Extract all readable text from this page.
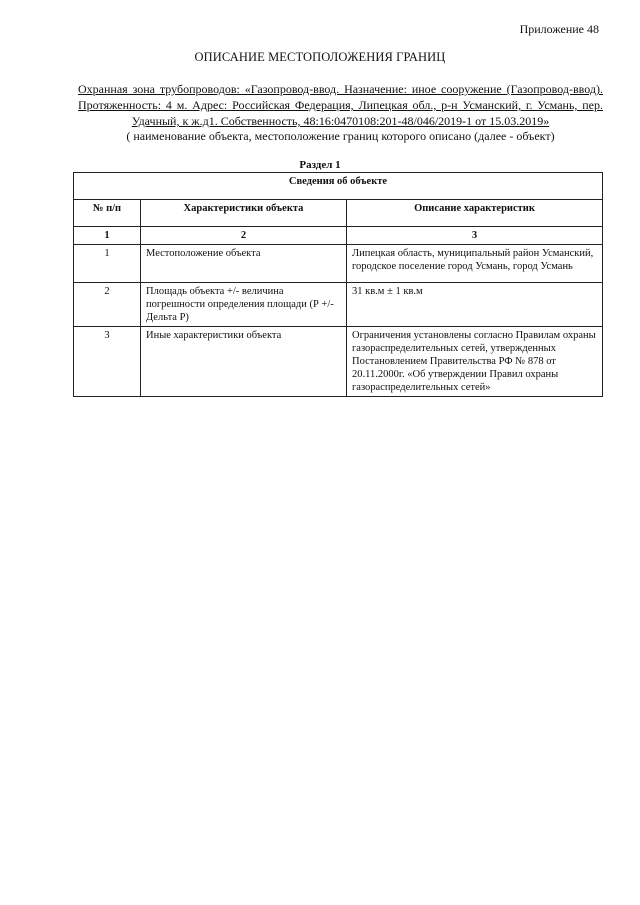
Приложение 48
ОПИСАНИЕ МЕСТОПОЛОЖЕНИЯ ГРАНИЦ
Охранная зона трубопроводов: «Газопровод-ввод. Назначение: иное сооружение (Газопровод-ввод). Протяженность: 4 м. Адрес: Российская Федерация, Липецкая обл., р-н Усманский, г. Усмань, пер. Удачный, к ж.д1. Собственность, 48:16:0470108:201-48/046/2019-1 от 15.03.2019»
( наименование объекта, местоположение границ которого описано (далее - объект)
Раздел 1
Сведения об объекте		
№ п/п	Характеристики объекта	Описание характеристик
1	2	3
1	Местоположение объекта	Липецкая область, муниципальный район Усманский, городское поселение город Усмань, город Усмань
2	Площадь объекта +/- величина погрешности определения площади (Р +/- Дельта Р)	31 кв.м ± 1 кв.м
3	Иные характеристики объекта	Ограничения установлены согласно Правилам охраны газораспределительных сетей, утвержденных Постановлением Правительства РФ № 878 от 20.11.2000г. «Об утверждении Правил охраны газораспределительных сетей»
